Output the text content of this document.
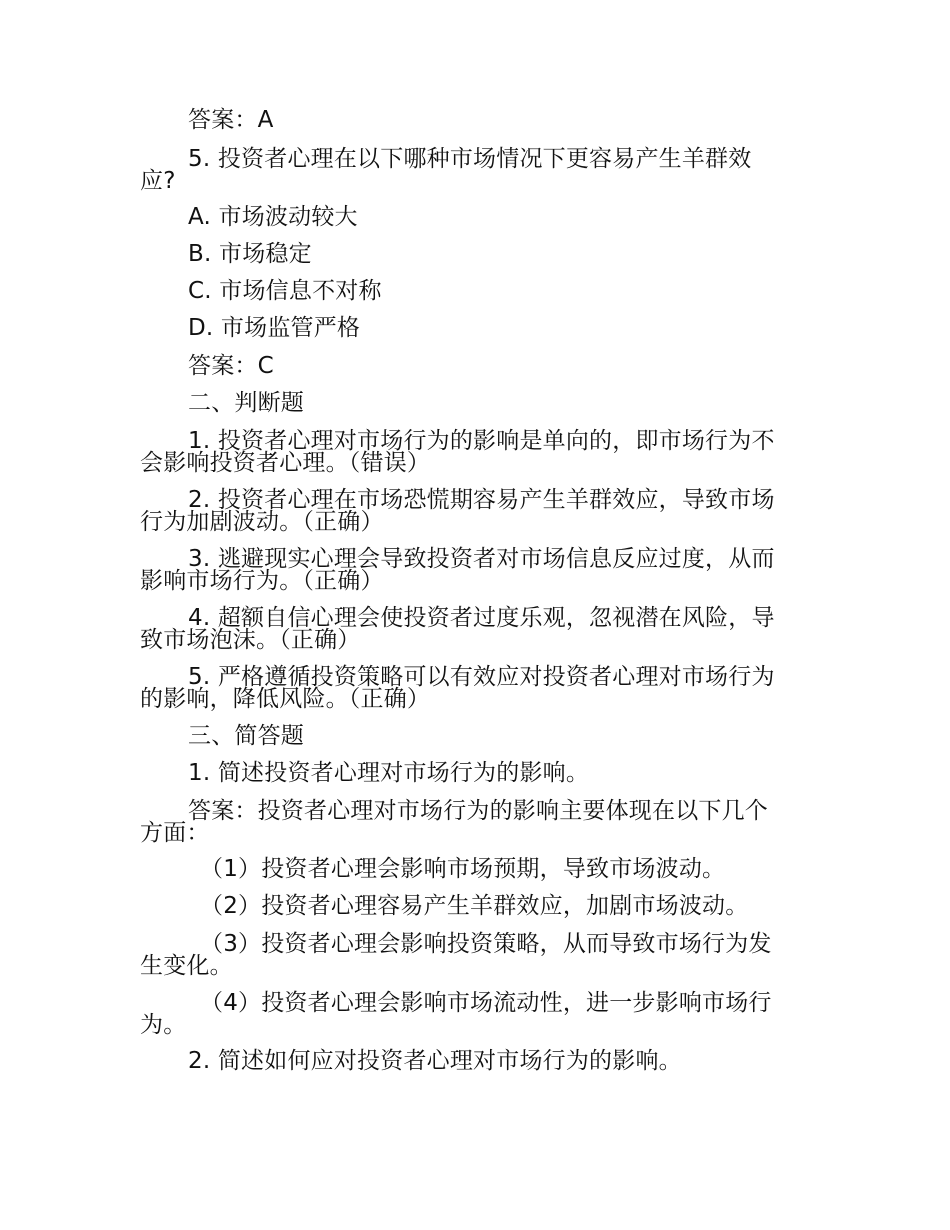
答案：A
5. 投资者心理在以下哪种市场情况下更容易产生羊群效
应?
A. 市场波动较大
B. 市场稳定
C. 市场信息不对称
D. 市场监管严格
答案：C
二、判断题
1. 投资者心理对市场行为的影响是单向的，即市场行为不
会影响投资者心理。（错误）
2. 投资者心理在市场恐慌期容易产生羊群效应，导致市场
行为加剧波动。（正确）
3. 逃避现实心理会导致投资者对市场信息反应过度，从而
影响市场行为。（正确）
4. 超额自信心理会使投资者过度乐观，忽视潜在风险，导
致市场泡沫。（正确）
5. 严格遵循投资策略可以有效应对投资者心理对市场行为
的影响，降低风险。（正确）
三、简答题
1. 简述投资者心理对市场行为的影响。
答案：投资者心理对市场行为的影响主要体现在以下几个
方面：
（1）投资者心理会影响市场预期，导致市场波动。
（2）投资者心理容易产生羊群效应，加剧市场波动。
（3）投资者心理会影响投资策略，从而导致市场行为发
生变化。
（4）投资者心理会影响市场流动性，进一步影响市场行
为。
2. 简述如何应对投资者心理对市场行为的影响。
